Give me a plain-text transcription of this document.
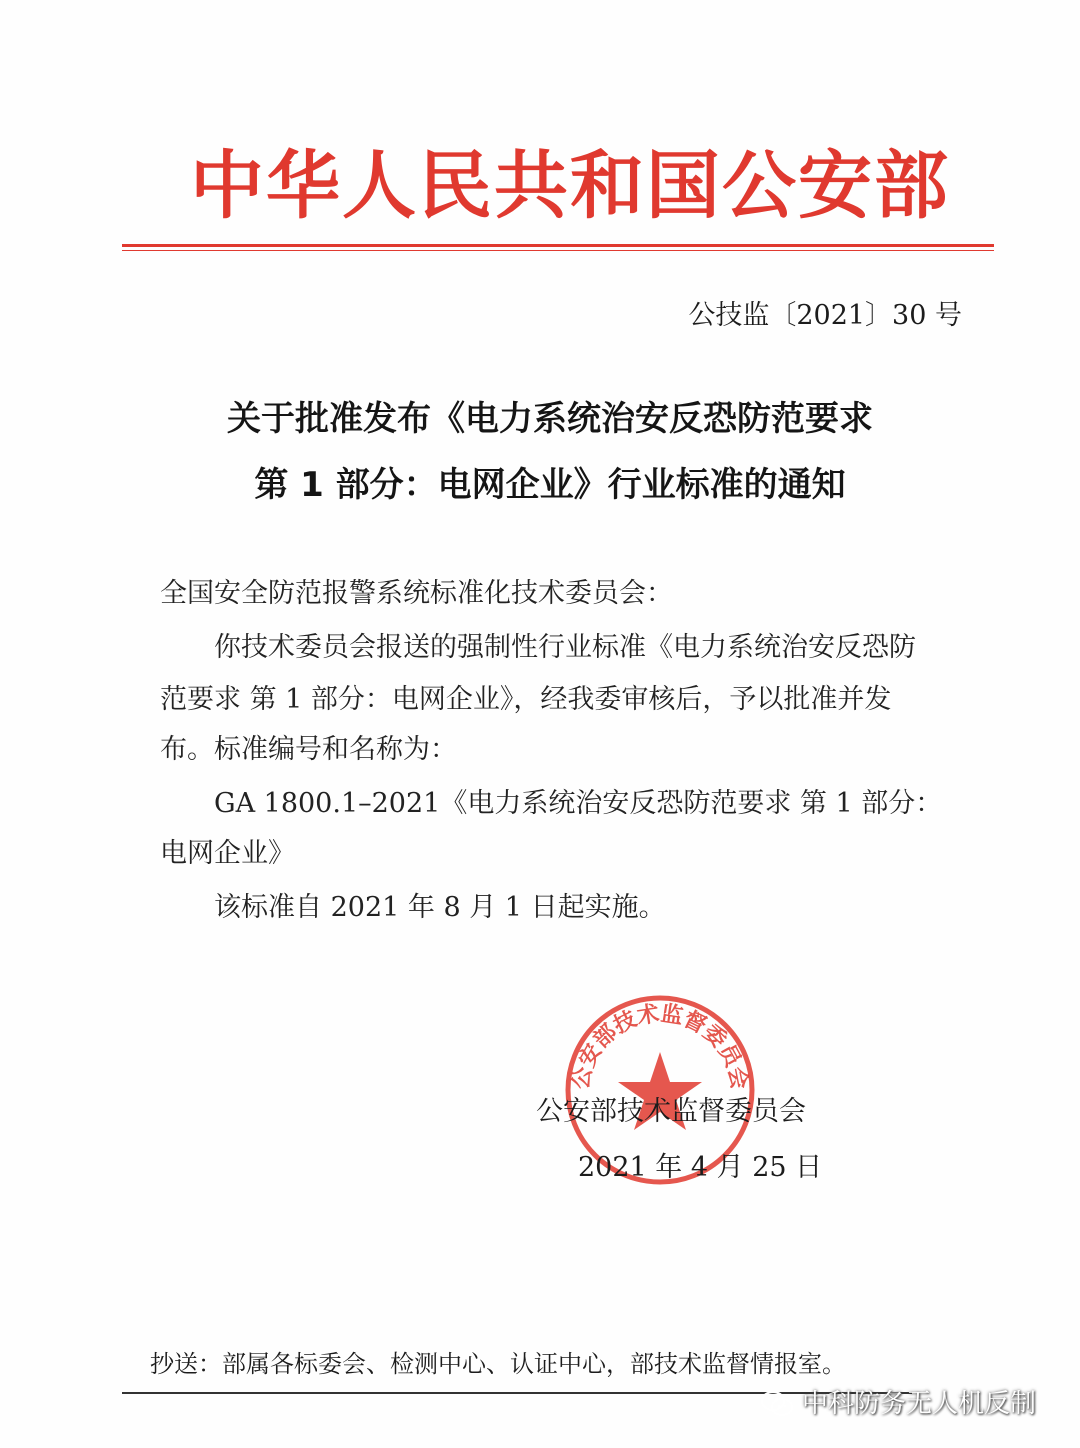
中华人民共和国公安部
公技监〔2021〕30 号
关于批准发布《电力系统治安反恐防范要求
第 1 部分：电网企业》行业标准的通知
全国安全防范报警系统标准化技术委员会：
你技术委员会报送的强制性行业标准《电力系统治安反恐防
范要求 第 1 部分：电网企业》，经我委审核后，予以批准并发
布。标准编号和名称为：
GA 1800.1–2021《电力系统治安反恐防范要求 第 1 部分：
电网企业》
该标准自 2021 年 8 月 1 日起实施。
公安部技术监督委员会
公安部技术监督委员会
2021 年 4 月 25 日
抄送：部属各标委会、检测中心、认证中心，部技术监督情报室。
中科防务无人机反制
